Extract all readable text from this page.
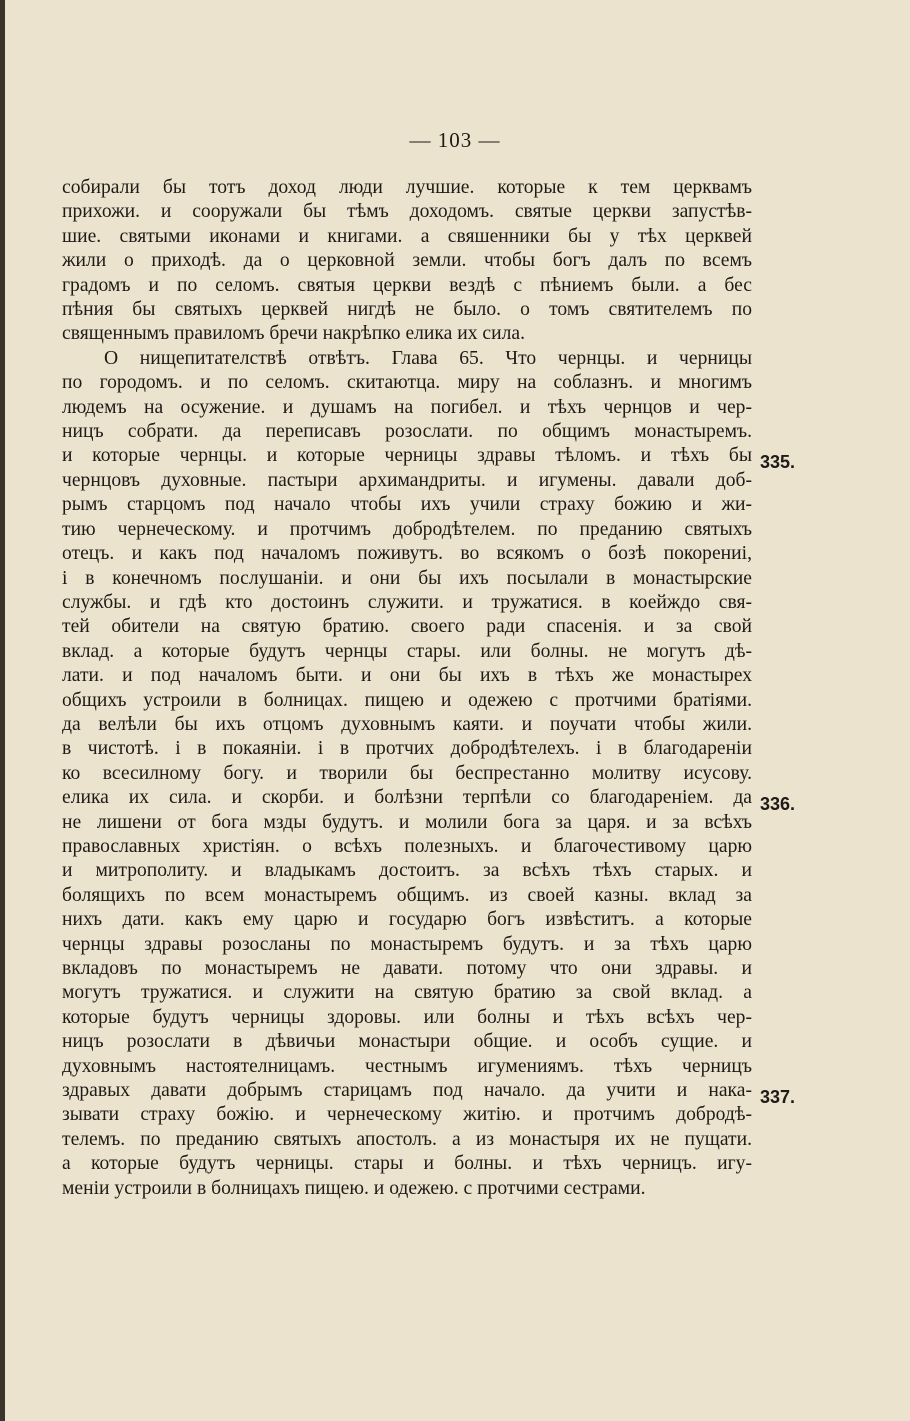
— 103 —
собирали бы тотъ доход люди лучшие. которые к тем церквамъ
прихожи. и сооружали бы тѣмъ доходомъ. святые церкви запустѣв-
шие. святыми иконами и книгами. а свяшенники бы у тѣх церквей
жили о приходѣ. да о церковной земли. чтобы богъ далъ по всемъ
градомъ и по селомъ. святыя церкви вездѣ с пѣниемъ были. а бес
пѣния бы святыхъ церквей нигдѣ не было. о томъ святителемъ по
священнымъ правиломъ бречи накрѣпко елика их сила.
О нищепитателствѣ отвѣтъ. Глава 65. Что чернцы. и черницы
по городомъ. и по селомъ. скитаютца. миру на соблазнъ. и многимъ
людемъ на осужение. и душамъ на погибел. и тѣхъ чернцов и чер-
ницъ собрати. да переписавъ розослати. по общимъ монастыремъ.
и которые чернцы. и которые черницы здравы тѣломъ. и тѣхъ бы
чернцовъ духовные. пастыри архимандриты. и игумены. давали доб-
рымъ старцомъ под начало чтобы ихъ учили страху божию и жи-
тию чернеческому. и протчимъ добродѣтелем. по преданию святыхъ
отецъ. и какъ под началомъ поживутъ. во всякомъ о бозѣ покорениі,
і в конечномъ послушаніи. и они бы ихъ посылали в монастырские
службы. и гдѣ кто достоинъ служити. и тружатися. в коейждо свя-
тей обители на святую братию. своего ради спасенія. и за свой
вклад. а которые будутъ чернцы стары. или болны. не могутъ дѣ-
лати. и под началомъ быти. и они бы ихъ в тѣхъ же монастырех
общихъ устроили в болницах. пищею и одежею с протчими братіями.
да велѣли бы ихъ отцомъ духовнымъ каяти. и поучати чтобы жили.
в чистотѣ. і в покаяніи. і в протчих добродѣтелехъ. і в благодареніи
ко всесилному богу. и творили бы беспрестанно молитву исусову.
елика их сила. и скорби. и болѣзни терпѣли со благодареніем. да
не лишени от бога мзды будутъ. и молили бога за царя. и за всѣхъ
православных христіян. о всѣхъ полезныхъ. и благочестивому царю
и митрополиту. и владыкамъ достоитъ. за всѣхъ тѣхъ старых. и
болящихъ по всем монастыремъ общимъ. из своей казны. вклад за
нихъ дати. какъ ему царю и государю богъ извѣститъ. а которые
чернцы здравы розосланы по монастыремъ будутъ. и за тѣхъ царю
вкладовъ по монастыремъ не давати. потому что они здравы. и
могутъ тружатися. и служити на святую братию за свой вклад. а
которые будутъ черницы здоровы. или болны и тѣхъ всѣхъ чер-
ницъ розослати в дѣвичьи монастыри общие. и особъ сущие. и
духовнымъ настоятелницамъ. честнымъ игумениямъ. тѣхъ черницъ
здравых давати добрымъ старицамъ под начало. да учити и нака-
зывати страху божію. и чернеческому житію. и протчимъ добродѣ-
телемъ. по преданию святыхъ апостолъ. а из монастыря их не пущати.
а которые будутъ черницы. стары и болны. и тѣхъ черницъ. игу-
меніи устроили в болницахъ пищею. и одежею. с протчими сестрами.
335.
336.
337.
